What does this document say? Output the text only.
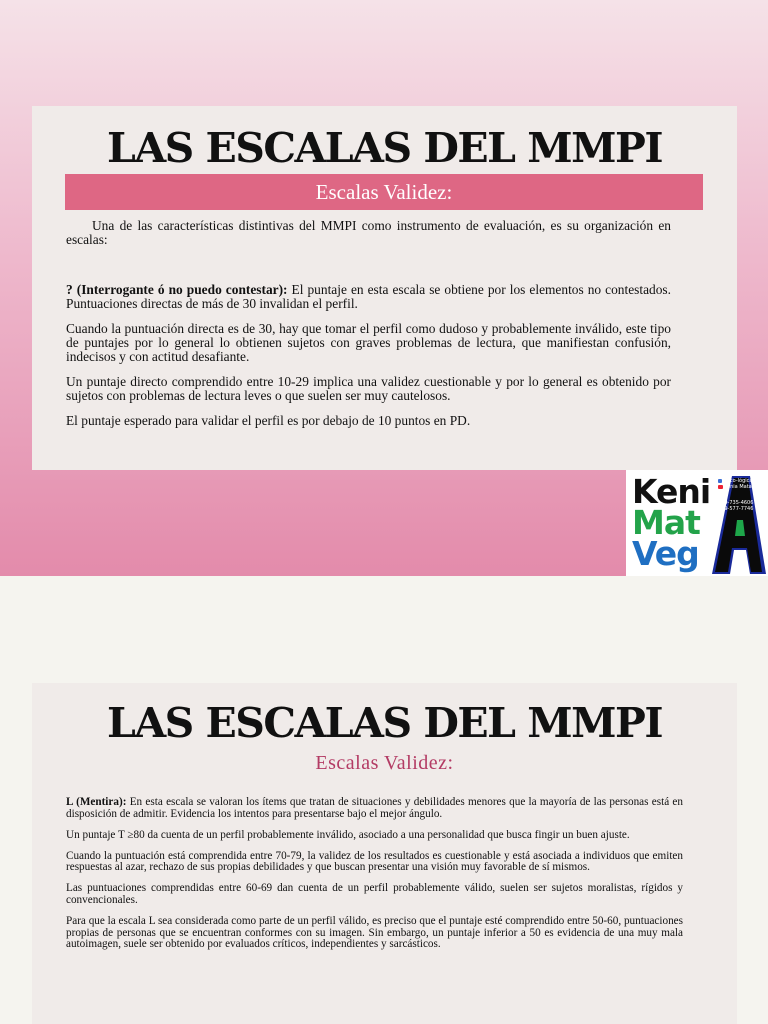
LAS ESCALAS DEL MMPI
Escalas Validez:

Una de las características distintivas del MMPI como instrumento de evaluación, es su organización en escalas:

? (Interrogante ó no puedo contestar): El puntaje en esta escala se obtiene por los elementos no contestados. Puntuaciones directas de más de 30 invalidan el perfil.

Cuando la puntuación directa es de 30, hay que tomar el perfil como dudoso y probablemente inválido, este tipo de puntajes por lo general lo obtienen sujetos con graves problemas de lectura, que manifiestan confusión, indecisos y con actitud desafiante.

Un puntaje directo comprendido entre 10-29 implica una validez cuestionable y por lo general es obtenido por sujetos con problemas de lectura leves o que suelen ser muy cautelosos.

El puntaje esperado para validar el perfil es por debajo de 10 puntos en PD.

Keni
Mat
Veg
Psico-lógica
Kenia Mata Vega
809-735-4606
809-577-7746
LAS ESCALAS DEL MMPI
Escalas Validez:

L (Mentira): En esta escala se valoran los ítems que tratan de situaciones y debilidades menores que la mayoría de las personas está en disposición de admitir. Evidencia los intentos para presentarse bajo el mejor ángulo.

Un puntaje T ≥80 da cuenta de un perfil probablemente inválido, asociado a una personalidad que busca fingir un buen ajuste.

Cuando la puntuación está comprendida entre 70-79, la validez de los resultados es cuestionable y está asociada a individuos que emiten respuestas al azar, rechazo de sus propias debilidades y que buscan presentar una visión muy favorable de sí mismos.

Las puntuaciones comprendidas entre 60-69 dan cuenta de un perfil probablemente válido, suelen ser sujetos moralistas, rígidos y convencionales.

Para que la escala L sea considerada como parte de un perfil válido, es preciso que el puntaje esté comprendido entre 50-60, puntuaciones propias de personas que se encuentran conformes con su imagen. Sin embargo, un puntaje inferior a 50 es evidencia de una muy mala autoimagen, suele ser obtenido por evaluados críticos, independientes y sarcásticos.
